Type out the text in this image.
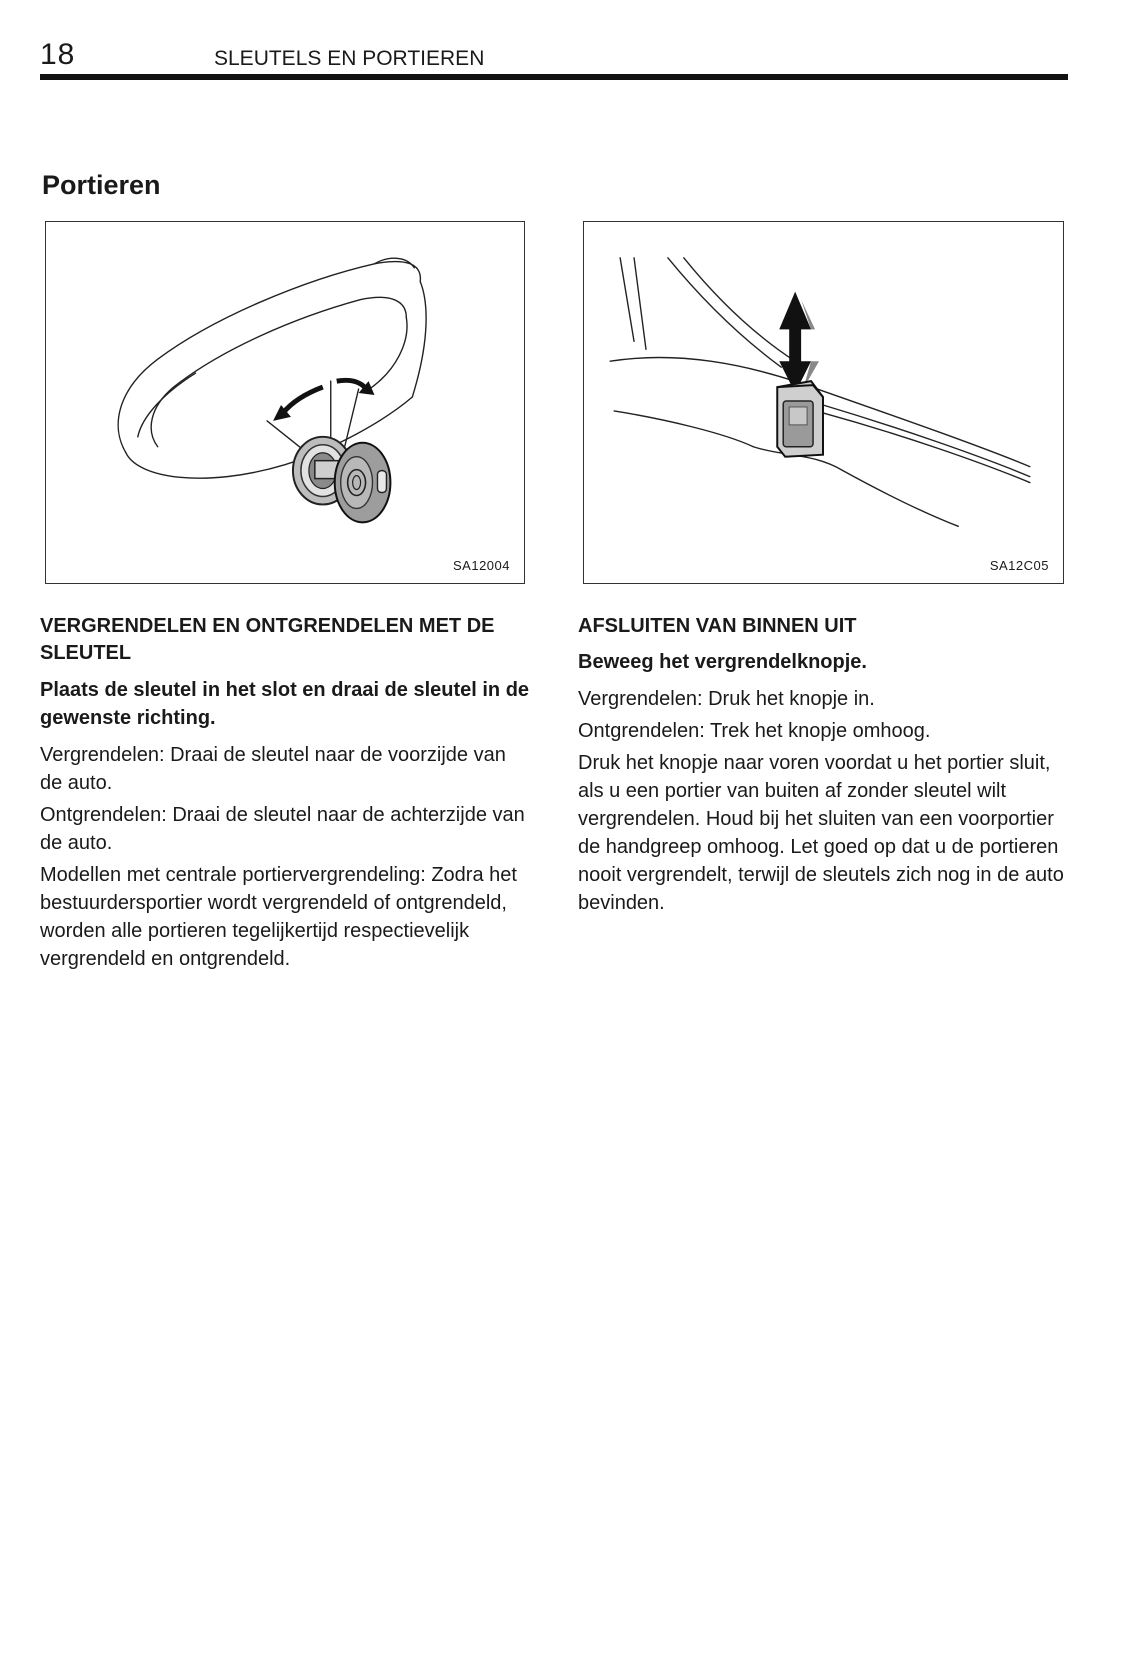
18	SLEUTELS EN PORTIEREN
Portieren
SA12004	SA12C05

VERGRENDELEN EN ONTGRENDELEN MET DE SLEUTEL

Plaats de sleutel in het slot en draai de sleutel in de gewenste richting.

Vergrendelen: Draai de sleutel naar de voorzijde van de auto.

Ontgrendelen: Draai de sleutel naar de achterzijde van de auto.

Modellen met centrale portiervergrendeling: Zodra het bestuurdersportier wordt vergrendeld of ontgrendeld, worden alle portieren tegelijkertijd respectievelijk vergrendeld en ontgrendeld.

AFSLUITEN VAN BINNEN UIT

Beweeg het vergrendelknopje.

Vergrendelen: Druk het knopje in.

Ontgrendelen: Trek het knopje omhoog.

Druk het knopje naar voren voordat u het portier sluit, als u een portier van buiten af zonder sleutel wilt vergrendelen. Houd bij het sluiten van een voorportier de handgreep omhoog. Let goed op dat u de portieren nooit vergrendelt, terwijl de sleutels zich nog in de auto bevinden.
